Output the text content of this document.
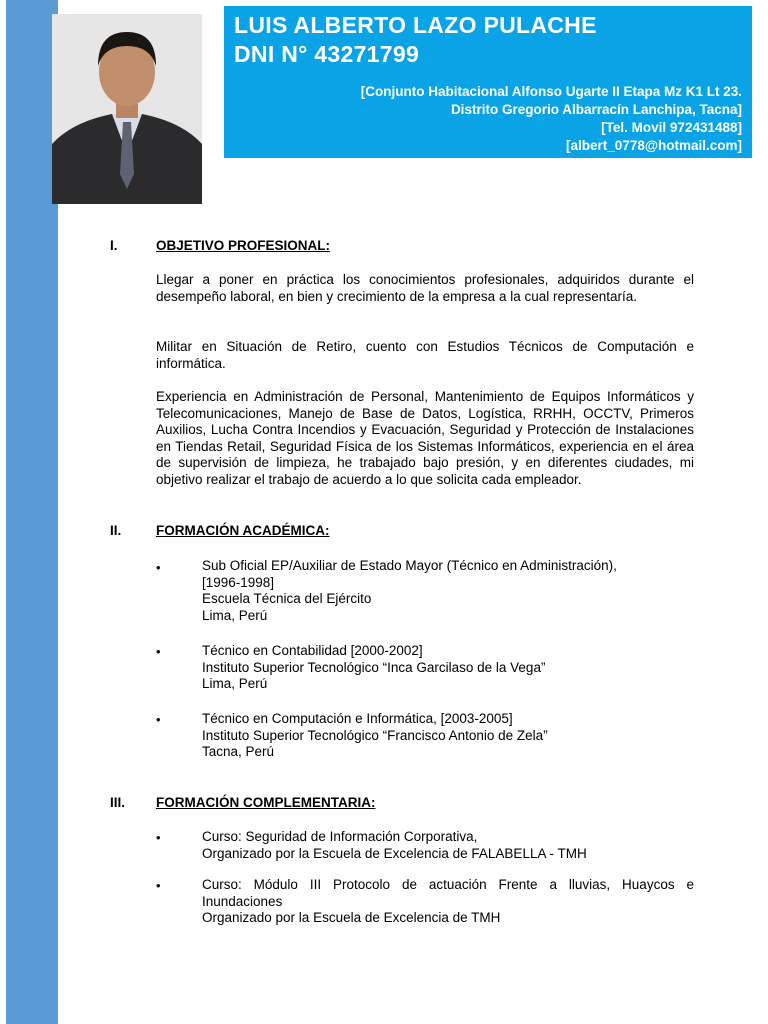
LUIS ALBERTO LAZO PULACHE
DNI N° 43271799
[Conjunto Habitacional Alfonso Ugarte II Etapa Mz K1 Lt 23.
Distrito Gregorio Albarracín Lanchipa, Tacna]
[Tel. Movil 972431488]
[albert_0778@hotmail.com]
I.	OBJETIVO PROFESIONAL:
Llegar a poner en práctica los conocimientos profesionales, adquiridos durante el desempeño laboral, en bien y crecimiento de la empresa a la cual representaría.
Militar en Situación de Retiro, cuento con Estudios Técnicos de Computación e informática.
Experiencia en Administración de Personal, Mantenimiento de Equipos Informáticos y Telecomunicaciones, Manejo de Base de Datos, Logística, RRHH, OCCTV, Primeros Auxilios, Lucha Contra Incendios y Evacuación, Seguridad y Protección de Instalaciones en Tiendas Retail, Seguridad Física de los Sistemas Informáticos, experiencia en el área de supervisión de limpieza, he trabajado bajo presión, y en diferentes ciudades, mi objetivo realizar el trabajo de acuerdo a lo que solicita cada empleador.
II.	FORMACIÓN ACADÉMICA:
•	Sub Oficial EP/Auxiliar de Estado Mayor (Técnico en Administración),
[1996-1998]
Escuela Técnica del Ejército
Lima, Perú
•	Técnico en Contabilidad [2000-2002]
Instituto Superior Tecnológico “Inca Garcilaso de la Vega”
Lima, Perú
•	Técnico en Computación e Informática, [2003-2005]
Instituto Superior Tecnológico “Francisco Antonio de Zela”
Tacna, Perú
III. FORMACIÓN COMPLEMENTARIA:
•	Curso: Seguridad de Información Corporativa,
Organizado por la Escuela de Excelencia de FALABELLA - TMH
•	Curso: Módulo III Protocolo de actuación Frente a lluvias, Huaycos e Inundaciones
Organizado por la Escuela de Excelencia de TMH
